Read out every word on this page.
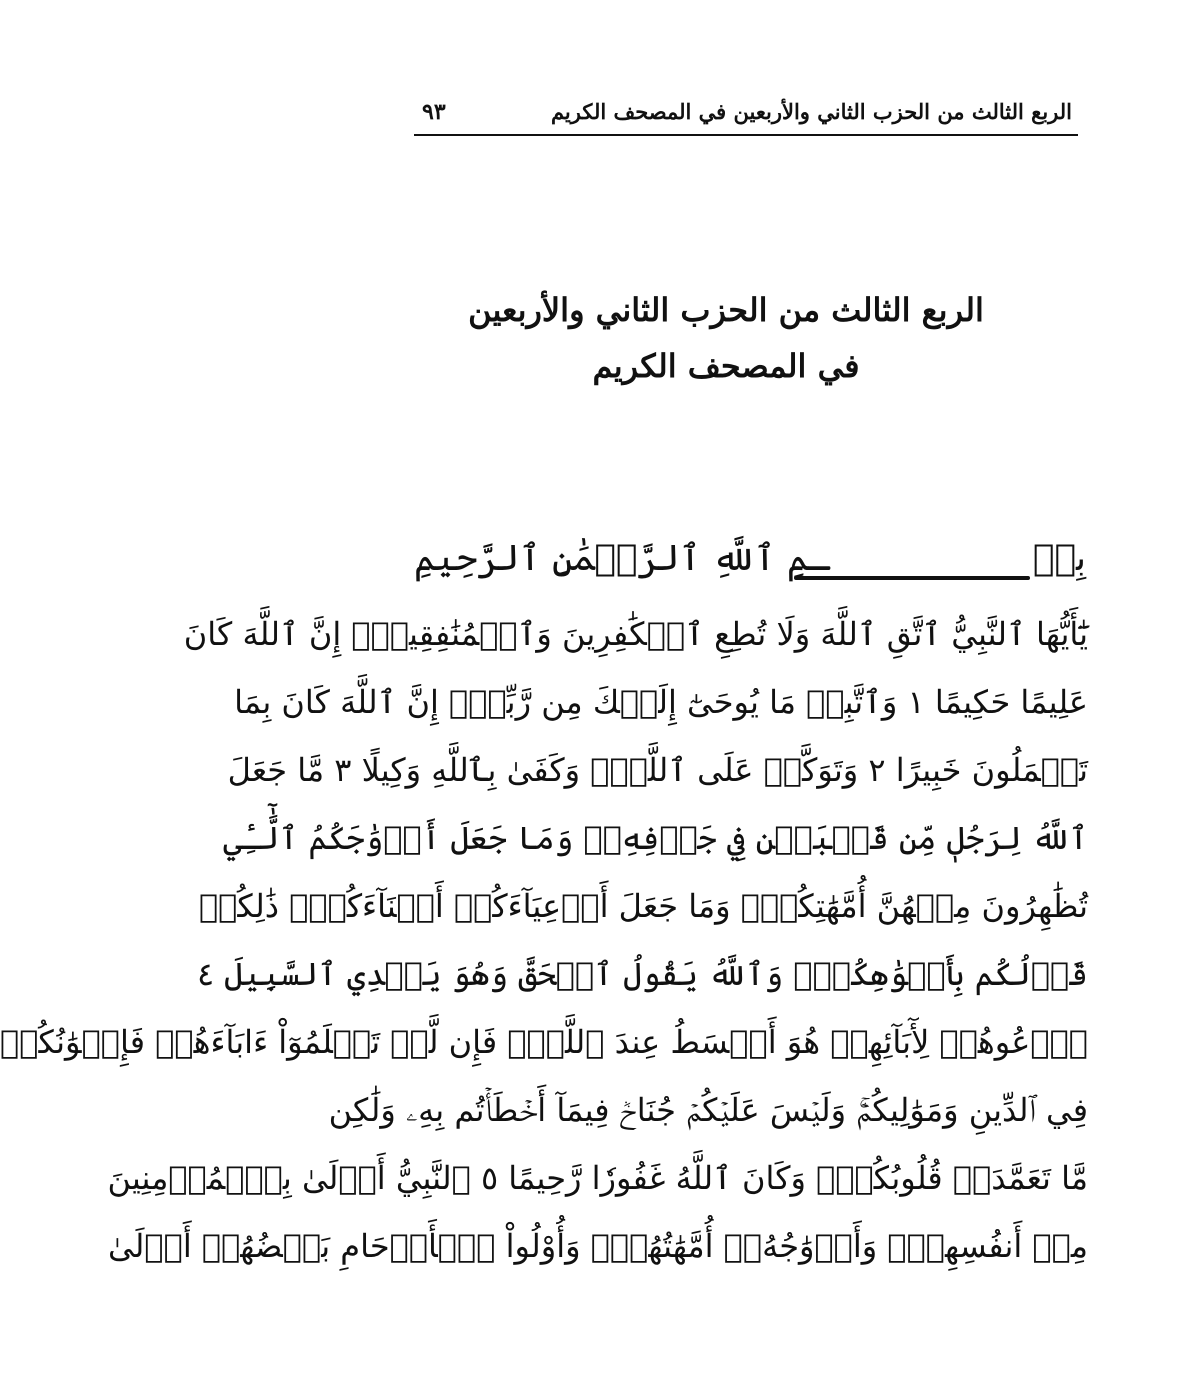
الربع الثالث من الحزب الثاني والأربعين في المصحف الكريم
٩٣
الربع الثالث من الحزب الثاني والأربعين
في المصحف الكريم
بِسۡ
ـمِ ٱللَّهِ ٱلرَّحۡمَٰنِ ٱلرَّحِيمِ
يَٰٓأَيُّهَا ٱلنَّبِيُّ ٱتَّقِ ٱللَّهَ وَلَا تُطِعِ ٱلۡكَٰفِرِينَ وَٱلۡمُنَٰفِقِينَۚ إِنَّ ٱللَّهَ كَانَ
عَلِيمًا حَكِيمًا ١ وَٱتَّبِعۡ مَا يُوحَىٰٓ إِلَيۡكَ مِن رَّبِّكَۚ إِنَّ ٱللَّهَ كَانَ بِمَا
تَعۡمَلُونَ خَبِيرًا ٢ وَتَوَكَّلۡ عَلَى ٱللَّهِۚ وَكَفَىٰ بِٱللَّهِ وَكِيلًا ٣ مَّا جَعَلَ
ٱللَّهُ لِرَجُلٖ مِّن قَلۡبَيۡنِ فِي جَوۡفِهِۦۚ وَمَا جَعَلَ أَزۡوَٰجَكُمُ ٱلَّٰٓـِٔي
تُظَٰهِرُونَ مِنۡهُنَّ أُمَّهَٰتِكُمۡۚ وَمَا جَعَلَ أَدۡعِيَآءَكُمۡ أَبۡنَآءَكُمۡۚ ذَٰلِكُمۡ
قَوۡلُكُم بِأَفۡوَٰهِكُمۡۖ وَٱللَّهُ يَقُولُ ٱلۡحَقَّ وَهُوَ يَهۡدِي ٱلسَّبِيلَ ٤
ٱدۡعُوهُمۡ لِأٓبَآئِهِمۡ هُوَ أَقۡسَطُ عِندَ ٱللَّهِۚ فَإِن لَّمۡ تَعۡلَمُوٓاْ ءَابَآءَهُمۡ فَإِخۡوَٰنُكُمۡ
فِي ٱلدِّينِ وَمَوَٰلِيكُمۡۚ وَلَيۡسَ عَلَيۡكُمۡ جُنَاحٞ فِيمَآ أَخۡطَأۡتُم بِهِۦ وَلَٰكِن
مَّا تَعَمَّدَتۡ قُلُوبُكُمۡۚ وَكَانَ ٱللَّهُ غَفُورٗا رَّحِيمًا ٥ ٱلنَّبِيُّ أَوۡلَىٰ بِٱلۡمُؤۡمِنِينَ
مِنۡ أَنفُسِهِمۡۖ وَأَزۡوَٰجُهُۥٓ أُمَّهَٰتُهُمۡۗ وَأُوْلُواْ ٱلۡأَرۡحَامِ بَعۡضُهُمۡ أَوۡلَىٰ
